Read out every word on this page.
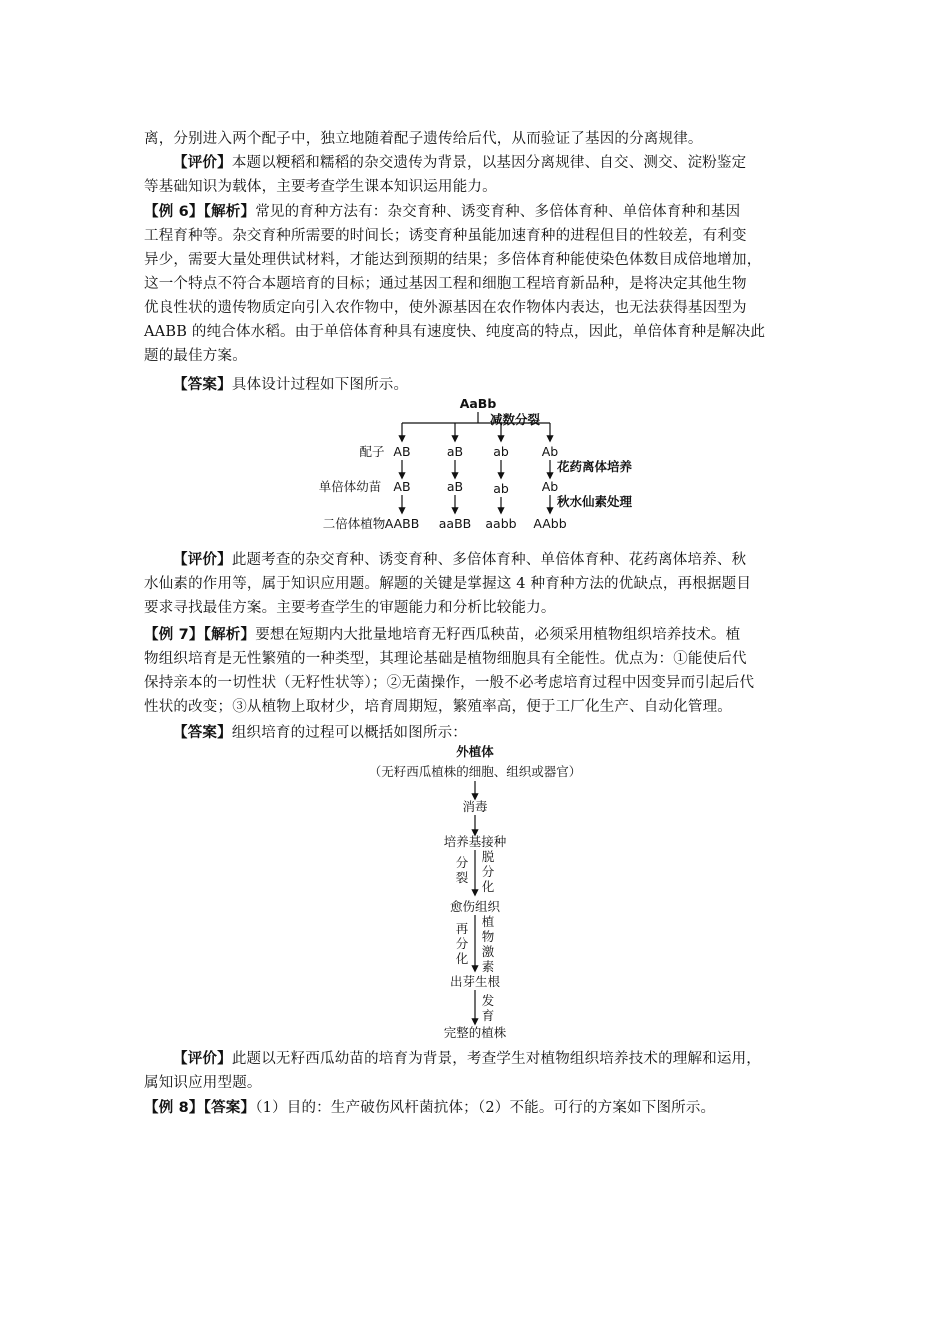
离，分别进入两个配子中，独立地随着配子遗传给后代，从而验证了基因的分离规律。
【评价】本题以粳稻和糯稻的杂交遗传为背景，以基因分离规律、自交、测交、淀粉鉴定
等基础知识为载体，主要考查学生课本知识运用能力。
【例 6】【解析】常见的育种方法有：杂交育种、诱变育种、多倍体育种、单倍体育种和基因
工程育种等。杂交育种所需要的时间长；诱变育种虽能加速育种的进程但目的性较差，有利变
异少，需要大量处理供试材料，才能达到预期的结果；多倍体育种能使染色体数目成倍地增加，
这一个特点不符合本题培育的目标；通过基因工程和细胞工程培育新品种，是将决定其他生物
优良性状的遗传物质定向引入农作物中，使外源基因在农作物体内表达，也无法获得基因型为
AABB 的纯合体水稻。由于单倍体育种具有速度快、纯度高的特点，因此，单倍体育种是解决此
题的最佳方案。
【答案】具体设计过程如下图所示。
AaBb
减数分裂
配子 AB	aB ab	Ab
花药离体培养
单倍体幼苗 AB	aB ab	Ab
秋水仙素处理
二倍体植物 AABB aaBB aabb AAbb
【评价】此题考查的杂交育种、诱变育种、多倍体育种、单倍体育种、花药离体培养、秋
水仙素的作用等，属于知识应用题。解题的关键是掌握这 4 种育种方法的优缺点，再根据题目
要求寻找最佳方案。主要考查学生的审题能力和分析比较能力。
【例 7】【解析】要想在短期内大批量地培育无籽西瓜秧苗，必须采用植物组织培养技术。植
物组织培育是无性繁殖的一种类型，其理论基础是植物细胞具有全能性。优点为：①能使后代
保持亲本的一切性状（无籽性状等）；②无菌操作，一般不必考虑培育过程中因变异而引起后代
性状的改变；③从植物上取材少，培育周期短，繁殖率高，便于工厂化生产、自动化管理。
【答案】组织培育的过程可以概括如图所示：
外植体
（无籽西瓜植株的细胞、组织或器官）
消毒
培养基接种
分
裂
脱
分
化
愈伤组织
再
分
化
植
物
激
素
出芽生根
发
育
完整的植株
【评价】此题以无籽西瓜幼苗的培育为背景，考查学生对植物组织培养技术的理解和运用，
属知识应用型题。
【例 8】【答案】（1）目的：生产破伤风杆菌抗体；（2）不能。可行的方案如下图所示。
